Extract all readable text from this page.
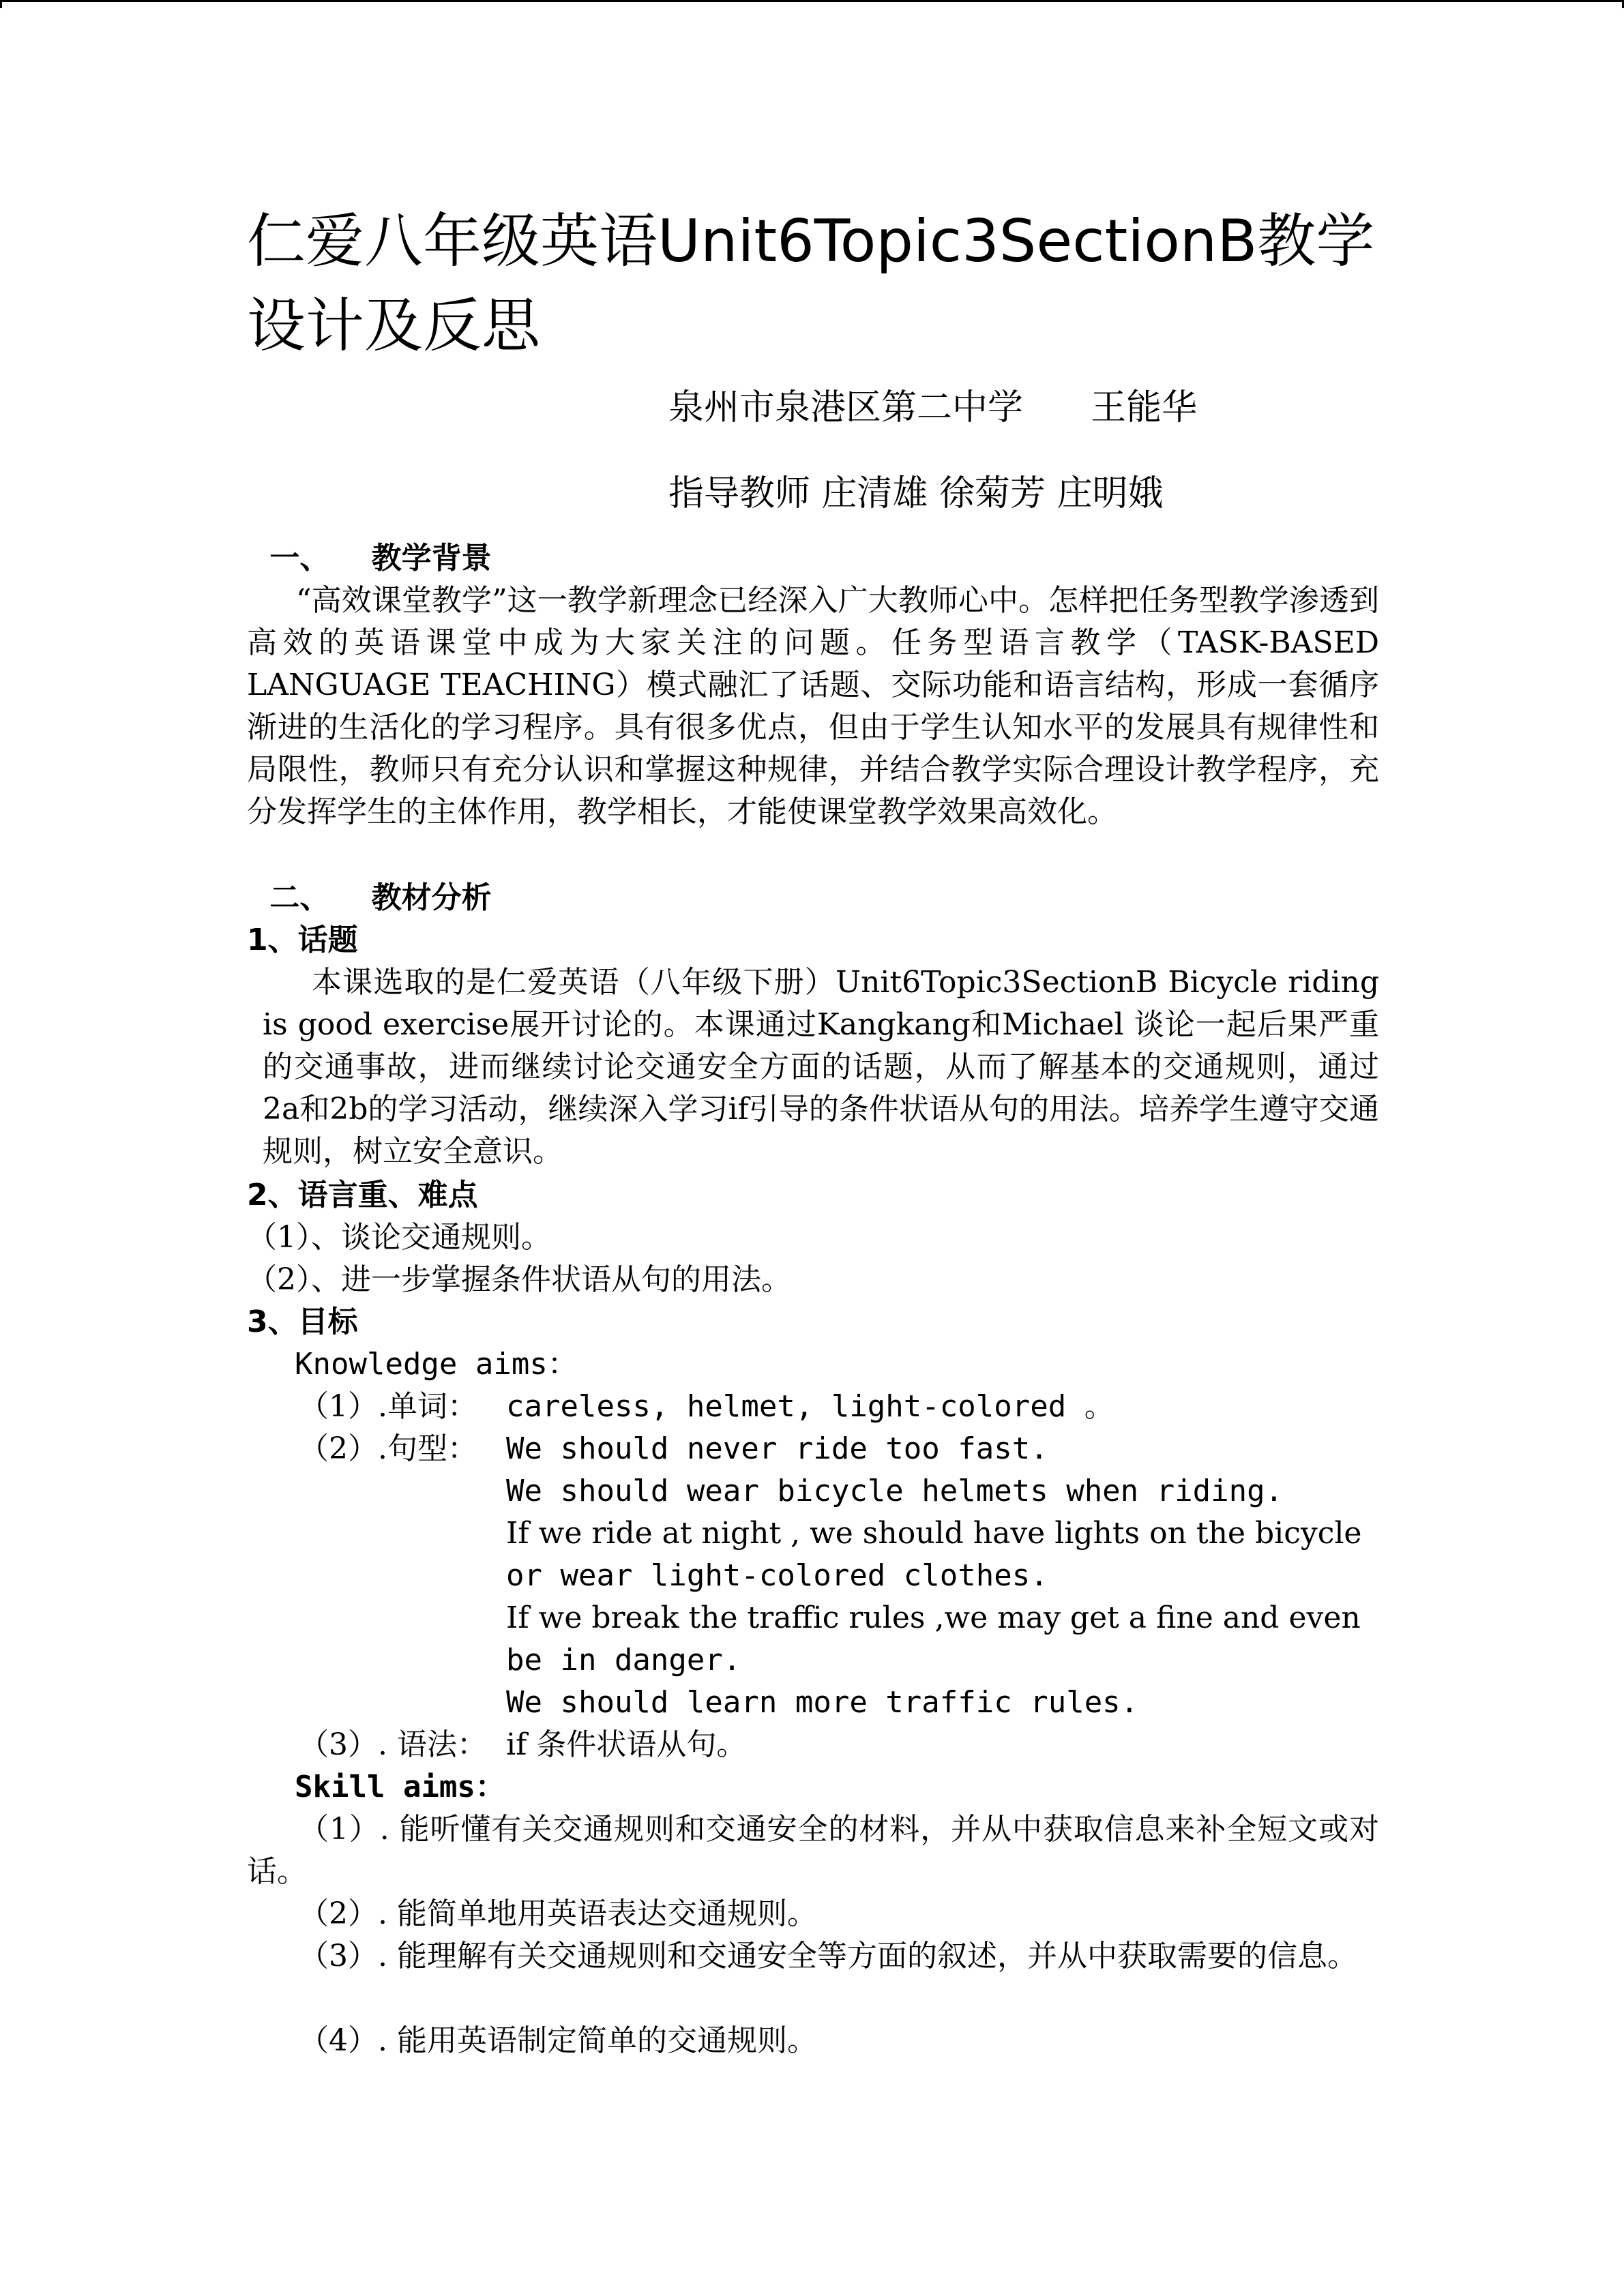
仁爱八年级英语Unit6Topic3SectionB教学设计及反思
泉州市泉港区第二中学      王能华
指导教师 庄清雄 徐菊芳 庄明娥
一、    教学背景

“高效课堂教学”这一教学新理念已经深入广大教师心中。怎样把任务型教学渗透到高效的英语课堂中成为大家关注的问题。任务型语言教学（TASK-BASED LANGUAGE TEACHING）模式融汇了话题、交际功能和语言结构，形成一套循序渐进的生活化的学习程序。具有很多优点，但由于学生认知水平的发展具有规律性和局限性，教师只有充分认识和掌握这种规律，并结合教学实际合理设计教学程序，充分发挥学生的主体作用，教学相长，才能使课堂教学效果高效化。

二、    教材分析
1、话题

本课选取的是仁爱英语（八年级下册）Unit6Topic3SectionB Bicycle riding is good exercise展开讨论的。本课通过Kangkang和Michael 谈论一起后果严重的交通事故，进而继续讨论交通安全方面的话题，从而了解基本的交通规则，通过2a和2b的学习活动，继续深入学习if引导的条件状语从句的用法。培养学生遵守交通规则，树立安全意识。

2、语言重、难点
（1）、谈论交通规则。
（2）、进一步掌握条件状语从句的用法。
3、目标
Knowledge aims：
（1）.单词： careless, helmet, light-colored 。
（2）.句型： We should never ride too fast.
We should wear bicycle helmets when riding.
If we ride at night , we should have lights on the bicycle
or wear light-colored clothes.
If we break the traffic rules ,we may get a fine and even
be in danger.
We should learn more traffic rules.
（3）. 语法： if 条件状语从句。
Skill aims：

（1）. 能听懂有关交通规则和交通安全的材料，并从中获取信息来补全短文或对话。

（2）. 能简单地用英语表达交通规则。

（3）. 能理解有关交通规则和交通安全等方面的叙述，并从中获取需要的信息。

（4）. 能用英语制定简单的交通规则。
